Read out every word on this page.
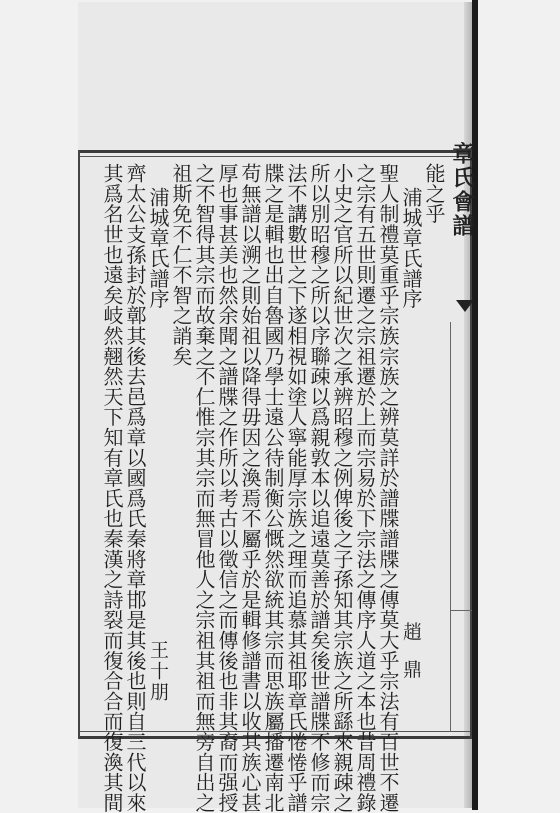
章氏會譜
能之乎
浦城章氏譜序
趙 鼎
聖人制禮莫重乎宗族宗族之辨莫詳於譜牒譜牒之傳莫大乎宗法有百世不遷
之宗有五世則遷之宗祖遷於上而宗易於下宗法之傳序人道之本也昔周禮錄
小史之官所以紀世次之承辨昭穆之例俾後之子孫知其宗族之所繇來親疎之
所以別昭穆之所以序聯疎以爲親敦本以追遠莫善於譜矣後世譜牒不修而宗
法不講數世之下遂相視如塗人寧能厚宗族之理而追慕其祖耶章氏惓惓乎譜
牒之是輯也出自魯國乃學士遠公待制衡公慨然欲統其宗而思族屬播遷南北
苟無譜以溯之則始祖以降得毋因之渙焉不屬乎於是輯修譜書以收其族心甚
厚也事甚美也然余聞之譜牒之作所以考古以徵信之而傳後也非其裔而强授
之不智得其宗而故棄之不仁惟宗其宗而無冒他人之宗祖其祖而無旁自出之
祖斯免不仁不智之誚矣
浦城章氏譜序
王十朋
齊太公支孫封於鄣其後去邑爲章以國爲氏秦將章邯是其後也則自三代以來
其爲名世也遠矣岐然翹然天下知有章氏也秦漢之詩裂而復合合而復渙其間
